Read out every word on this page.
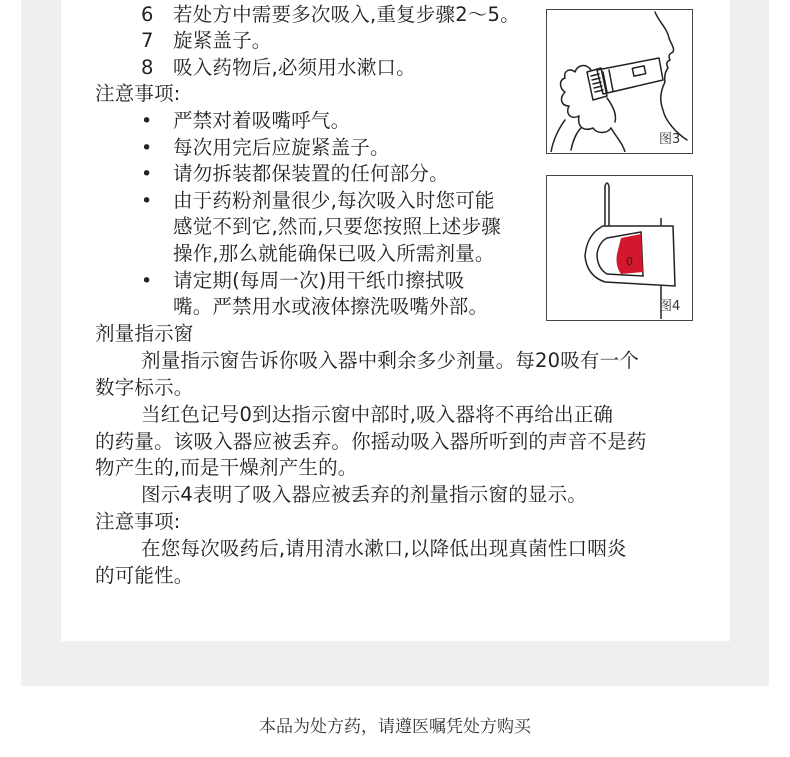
6 若处方中需要多次吸入,重复步骤2～5。
7 旋紧盖子。
8 吸入药物后,必须用水漱口。
注意事项:
• 严禁对着吸嘴呼气。
• 每次用完后应旋紧盖子。
• 请勿拆装都保装置的任何部分。
• 由于药粉剂量很少,每次吸入时您可能
感觉不到它,然而,只要您按照上述步骤
操作,那么就能确保已吸入所需剂量。
• 请定期(每周一次)用干纸巾擦拭吸
嘴。严禁用水或液体擦洗吸嘴外部。
剂量指示窗
剂量指示窗告诉你吸入器中剩余多少剂量。每20吸有一个
数字标示。
当红色记号0到达指示窗中部时,吸入器将不再给出正确
的药量。该吸入器应被丢弃。你摇动吸入器所听到的声音不是药
物产生的,而是干燥剂产生的。
图示4表明了吸入器应被丢弃的剂量指示窗的显示。
注意事项:
在您每次吸药后,请用清水漱口,以降低出现真菌性口咽炎
的可能性。
图3
0
图4
本品为处方药，请遵医嘱凭处方购买
